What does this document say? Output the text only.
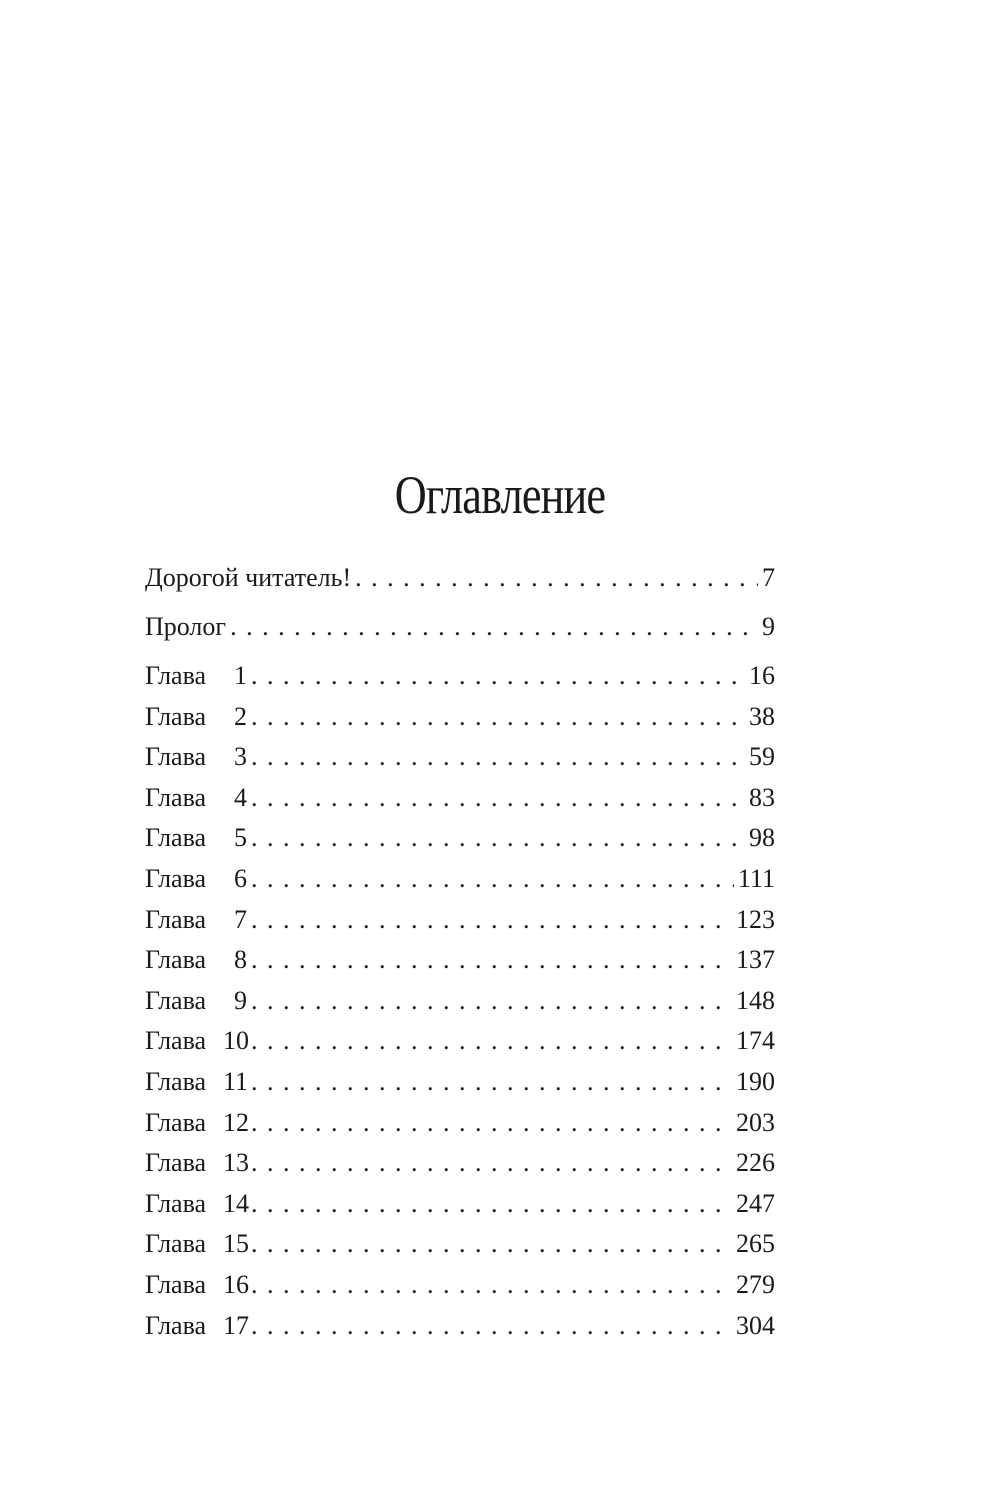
Оглавление
Дорогой читатель! . . .	7
Пролог . . .	9
Глава 1 . . .	16
Глава 2 . . .	38
Глава 3 . . .	59
Глава 4 . . .	83
Глава 5 . . .	98
Глава 6 . . .	111
Глава 7 . . .	123
Глава 8 . . .	137
Глава 9 . . .	148
Глава 10 . . .	174
Глава 11 . . .	190
Глава 12 . . .	203
Глава 13 . . .	226
Глава 14 . . .	247
Глава 15 . . .	265
Глава 16 . . .	279
Глава 17 . . .	304
